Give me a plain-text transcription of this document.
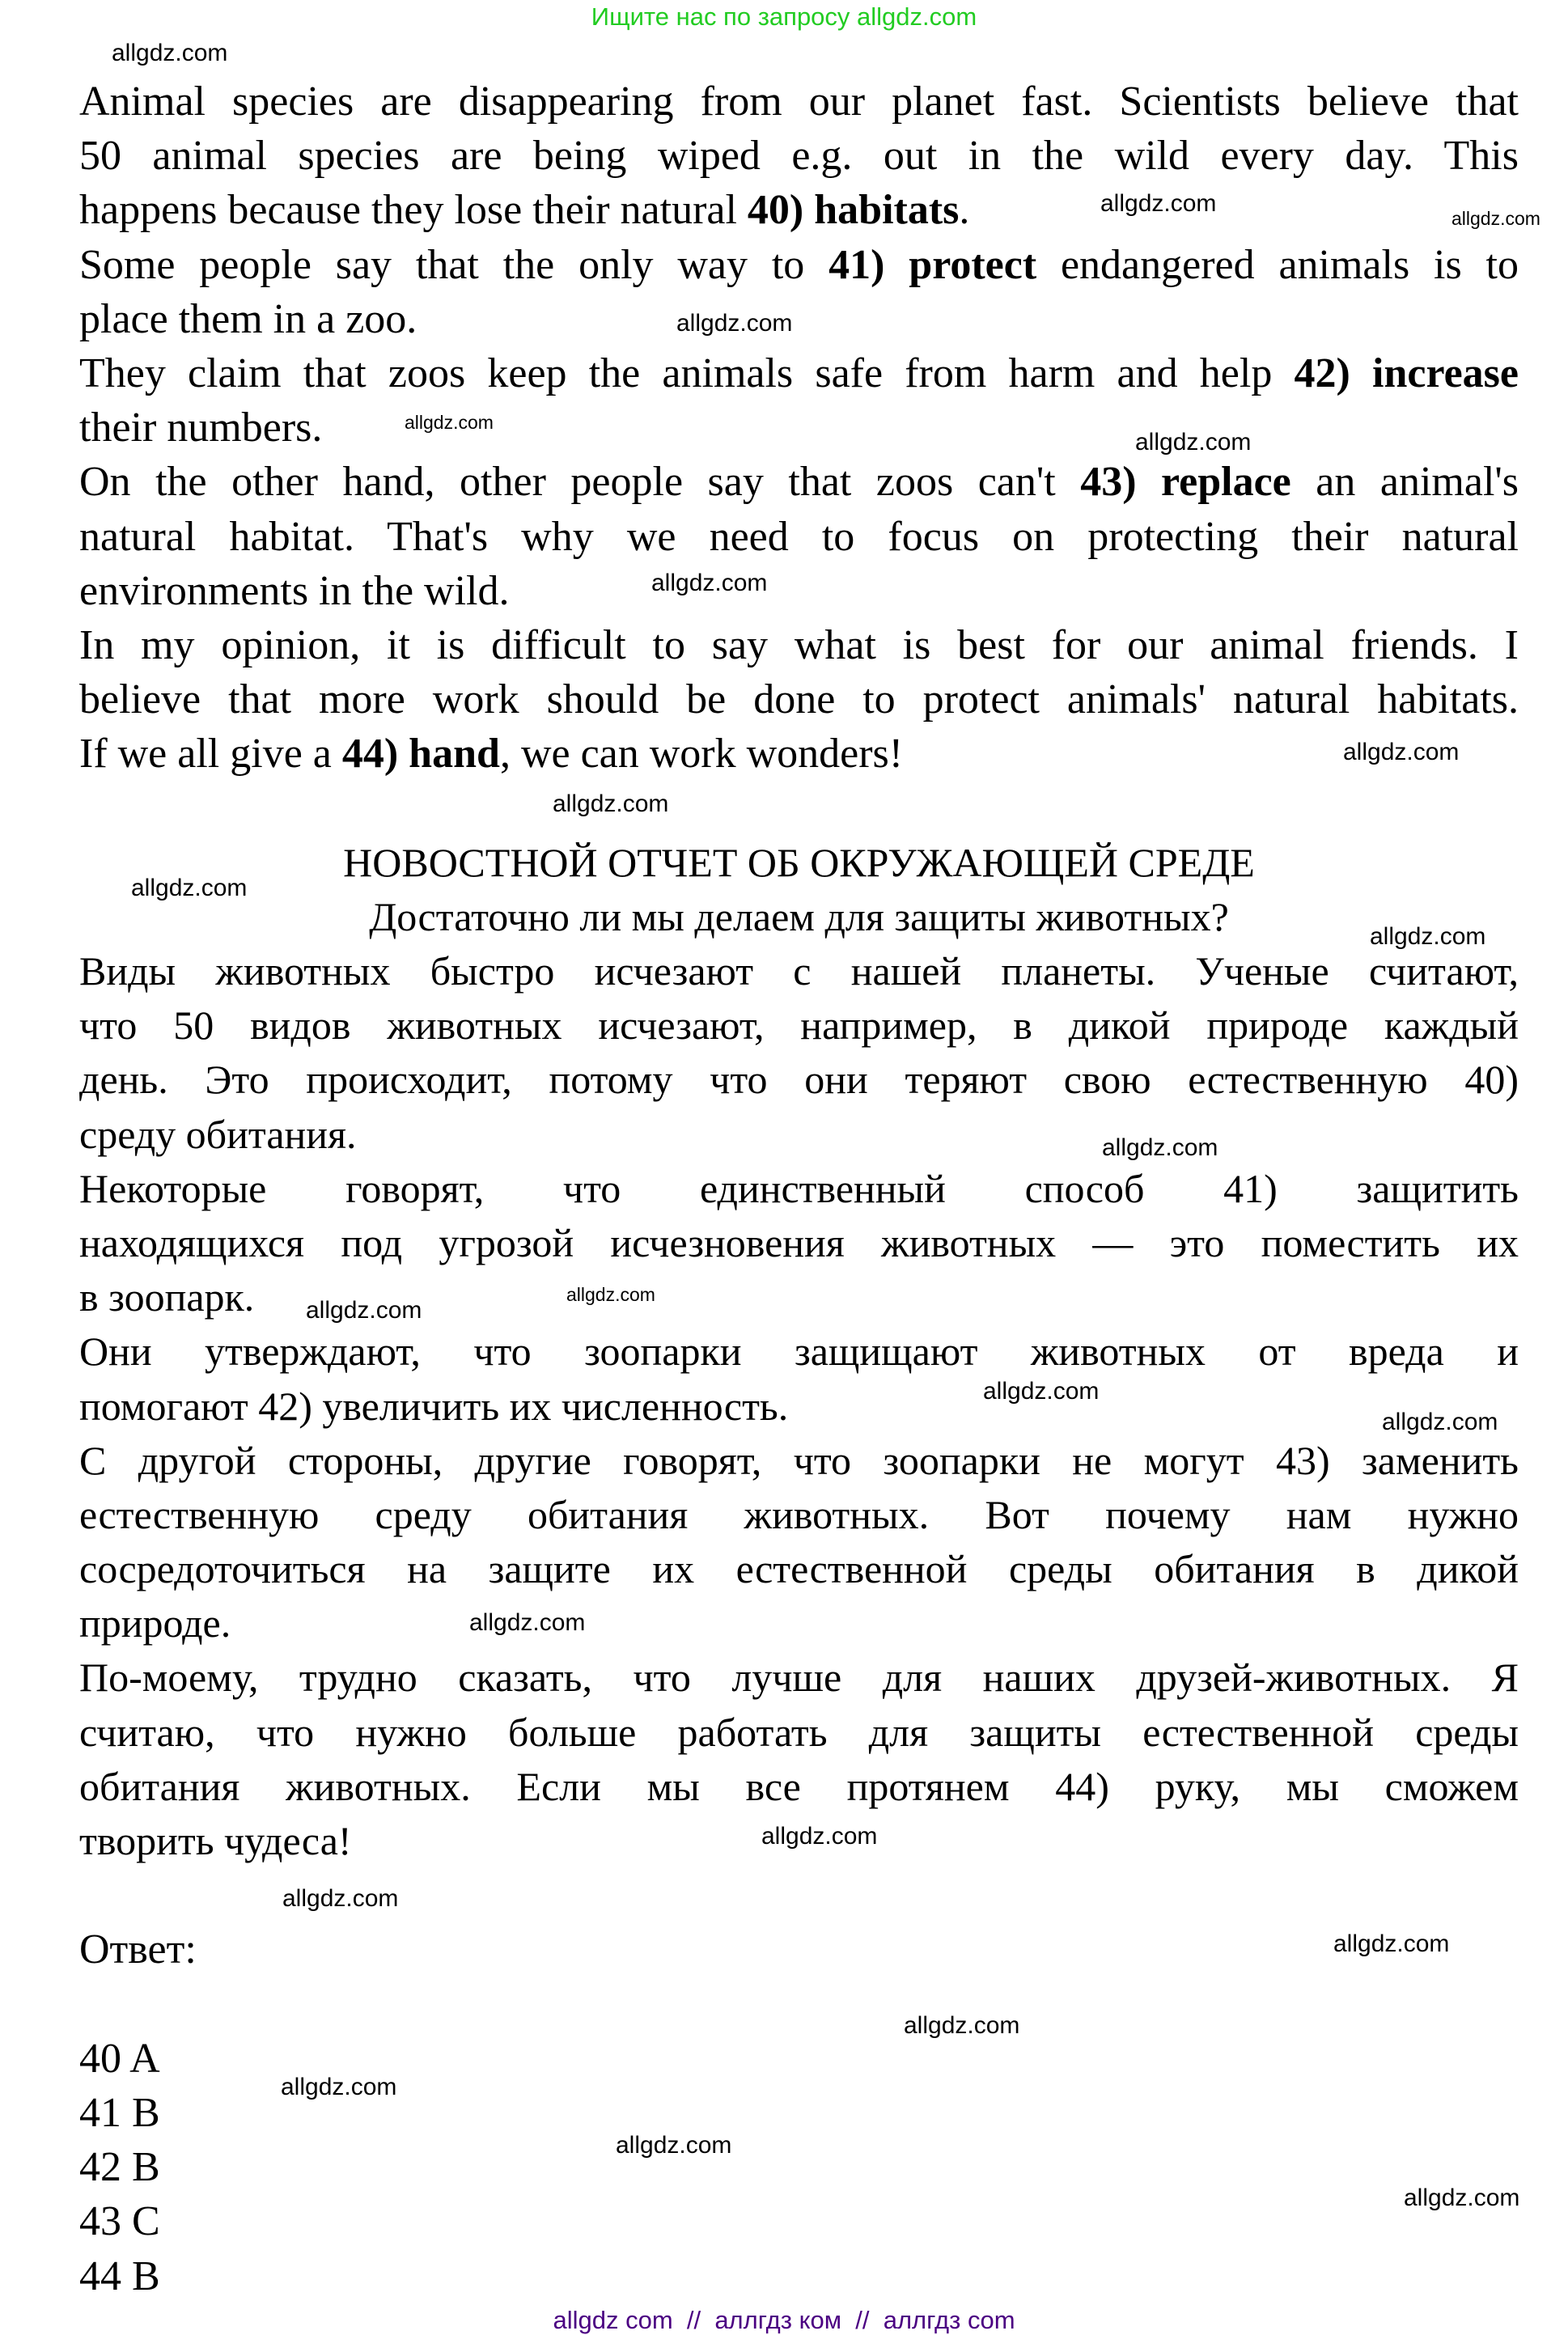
Ищите нас по запросу allgdz.com
Animal species are disappearing from our planet fast. Scientists believe that
50 animal species are being wiped e.g. out in the wild every day. This
happens because they lose their natural 40) habitats.
Some people say that the only way to 41) protect endangered animals is to
place them in a zoo.
They claim that zoos keep the animals safe from harm and help 42) increase
their numbers.
On the other hand, other people say that zoos can't 43) replace an animal's
natural habitat. That's why we need to focus on protecting their natural
environments in the wild.
In my opinion, it is difficult to say what is best for our animal friends. I
believe that more work should be done to protect animals' natural habitats.
If we all give a 44) hand, we can work wonders!
НОВОСТНОЙ ОТЧЕТ ОБ ОКРУЖАЮЩЕЙ СРЕДЕ
Достаточно ли мы делаем для защиты животных?
Виды животных быстро исчезают с нашей планеты. Ученые считают,
что 50 видов животных исчезают, например, в дикой природе каждый
день. Это происходит, потому что они теряют свою естественную 40)
среду обитания.
Некоторые говорят, что единственный способ 41) защитить
находящихся под угрозой исчезновения животных — это поместить их
в зоопарк.
Они утверждают, что зоопарки защищают животных от вреда и
помогают 42) увеличить их численность.
С другой стороны, другие говорят, что зоопарки не могут 43) заменить
естественную среду обитания животных. Вот почему нам нужно
сосредоточиться на защите их естественной среды обитания в дикой
природе.
По-моему, трудно сказать, что лучше для наших друзей-животных. Я
считаю, что нужно больше работать для защиты естественной среды
обитания животных. Если мы все протянем 44) руку, мы сможем
творить чудеса!
Ответ:
40 A
41 B
42 B
43 C
44 B
allgdz.com
allgdz.com
allgdz.com
allgdz.com
allgdz.com
allgdz.com
allgdz.com
allgdz.com
allgdz.com
allgdz.com
allgdz.com
allgdz.com
allgdz.com
allgdz.com
allgdz.com
allgdz.com
allgdz.com
allgdz.com
allgdz.com
allgdz.com
allgdz.com
allgdz.com
allgdz.com
allgdz.com
allgdz com  //  аллгдз ком  //  аллгдз com
